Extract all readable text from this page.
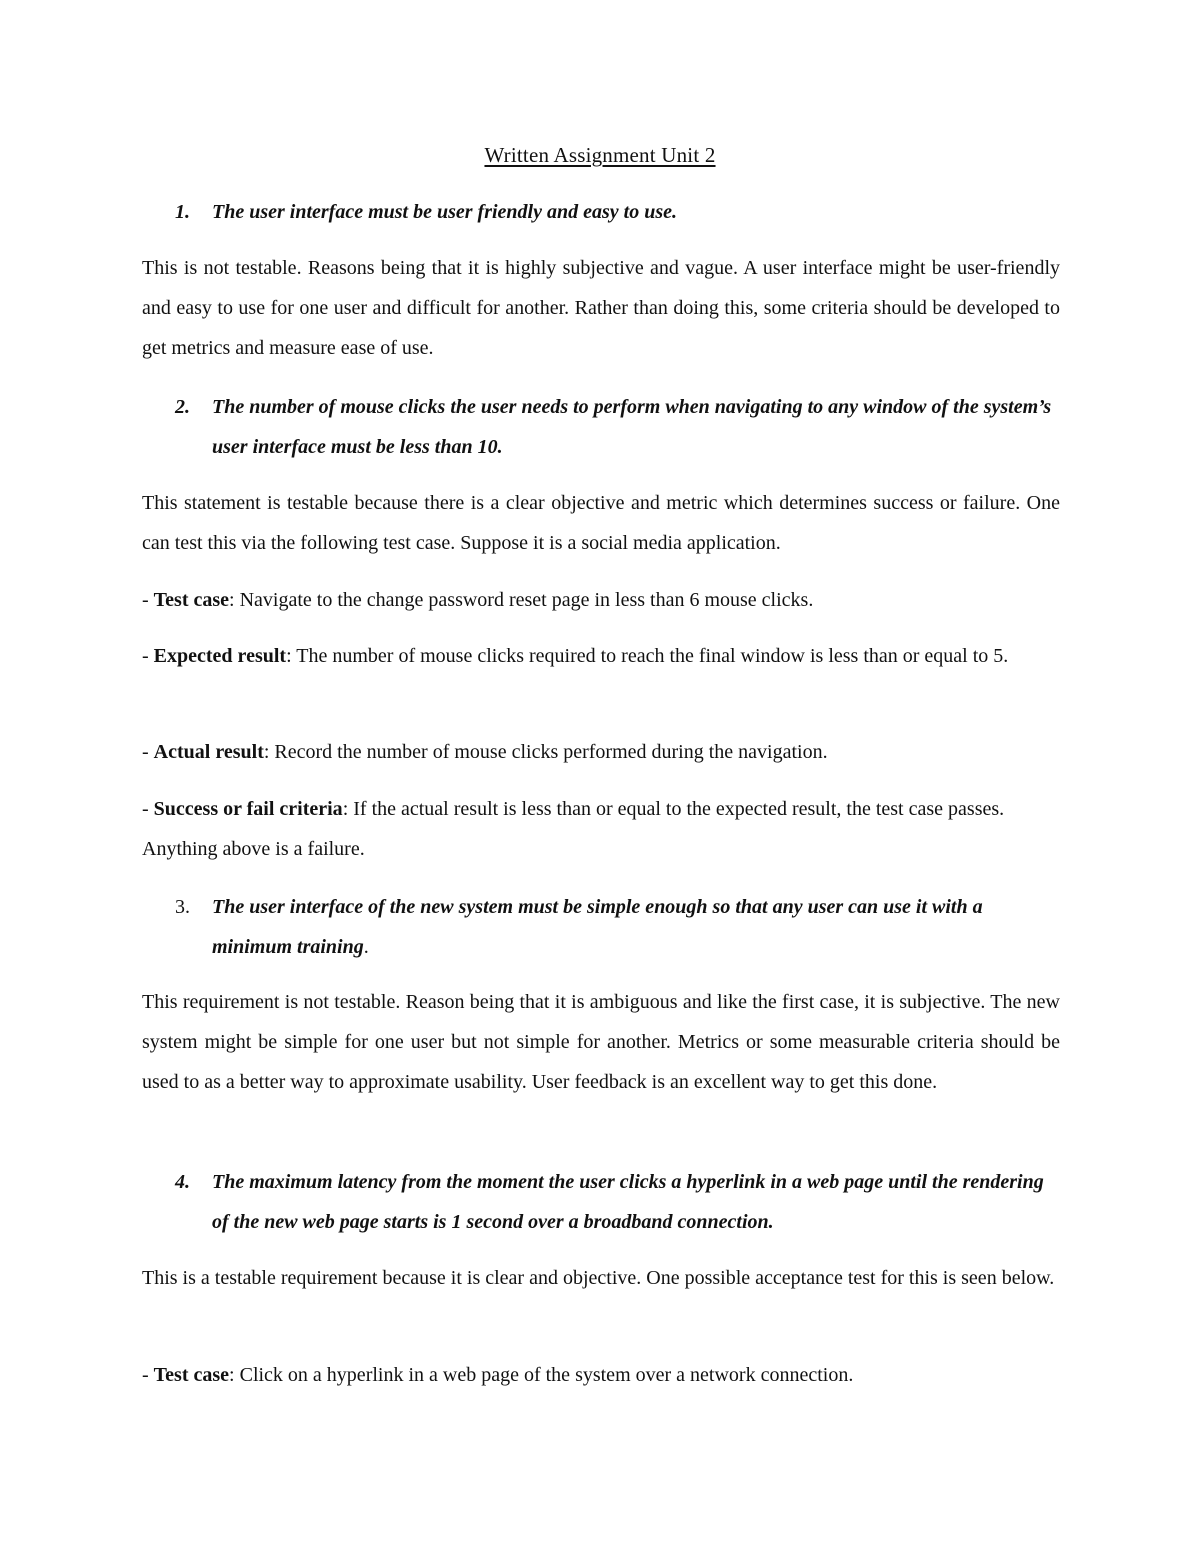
Written Assignment Unit 2
1. The user interface must be user friendly and easy to use.
This is not testable. Reasons being that it is highly subjective and vague. A user interface might be user-friendly and easy to use for one user and difficult for another. Rather than doing this, some criteria should be developed to get metrics and measure ease of use.
2. The number of mouse clicks the user needs to perform when navigating to any window of the system’s user interface must be less than 10.
This statement is testable because there is a clear objective and metric which determines success or failure. One can test this via the following test case. Suppose it is a social media application.
- Test case: Navigate to the change password reset page in less than 6 mouse clicks.
- Expected result: The number of mouse clicks required to reach the final window is less than or equal to 5.
- Actual result: Record the number of mouse clicks performed during the navigation.
- Success or fail criteria: If the actual result is less than or equal to the expected result, the test case passes. Anything above is a failure.
3. The user interface of the new system must be simple enough so that any user can use it with a minimum training.
This requirement is not testable. Reason being that it is ambiguous and like the first case, it is subjective. The new system might be simple for one user but not simple for another. Metrics or some measurable criteria should be used to as a better way to approximate usability. User feedback is an excellent way to get this done.
4. The maximum latency from the moment the user clicks a hyperlink in a web page until the rendering of the new web page starts is 1 second over a broadband connection.
This is a testable requirement because it is clear and objective. One possible acceptance test for this is seen below.
- Test case: Click on a hyperlink in a web page of the system over a network connection.
